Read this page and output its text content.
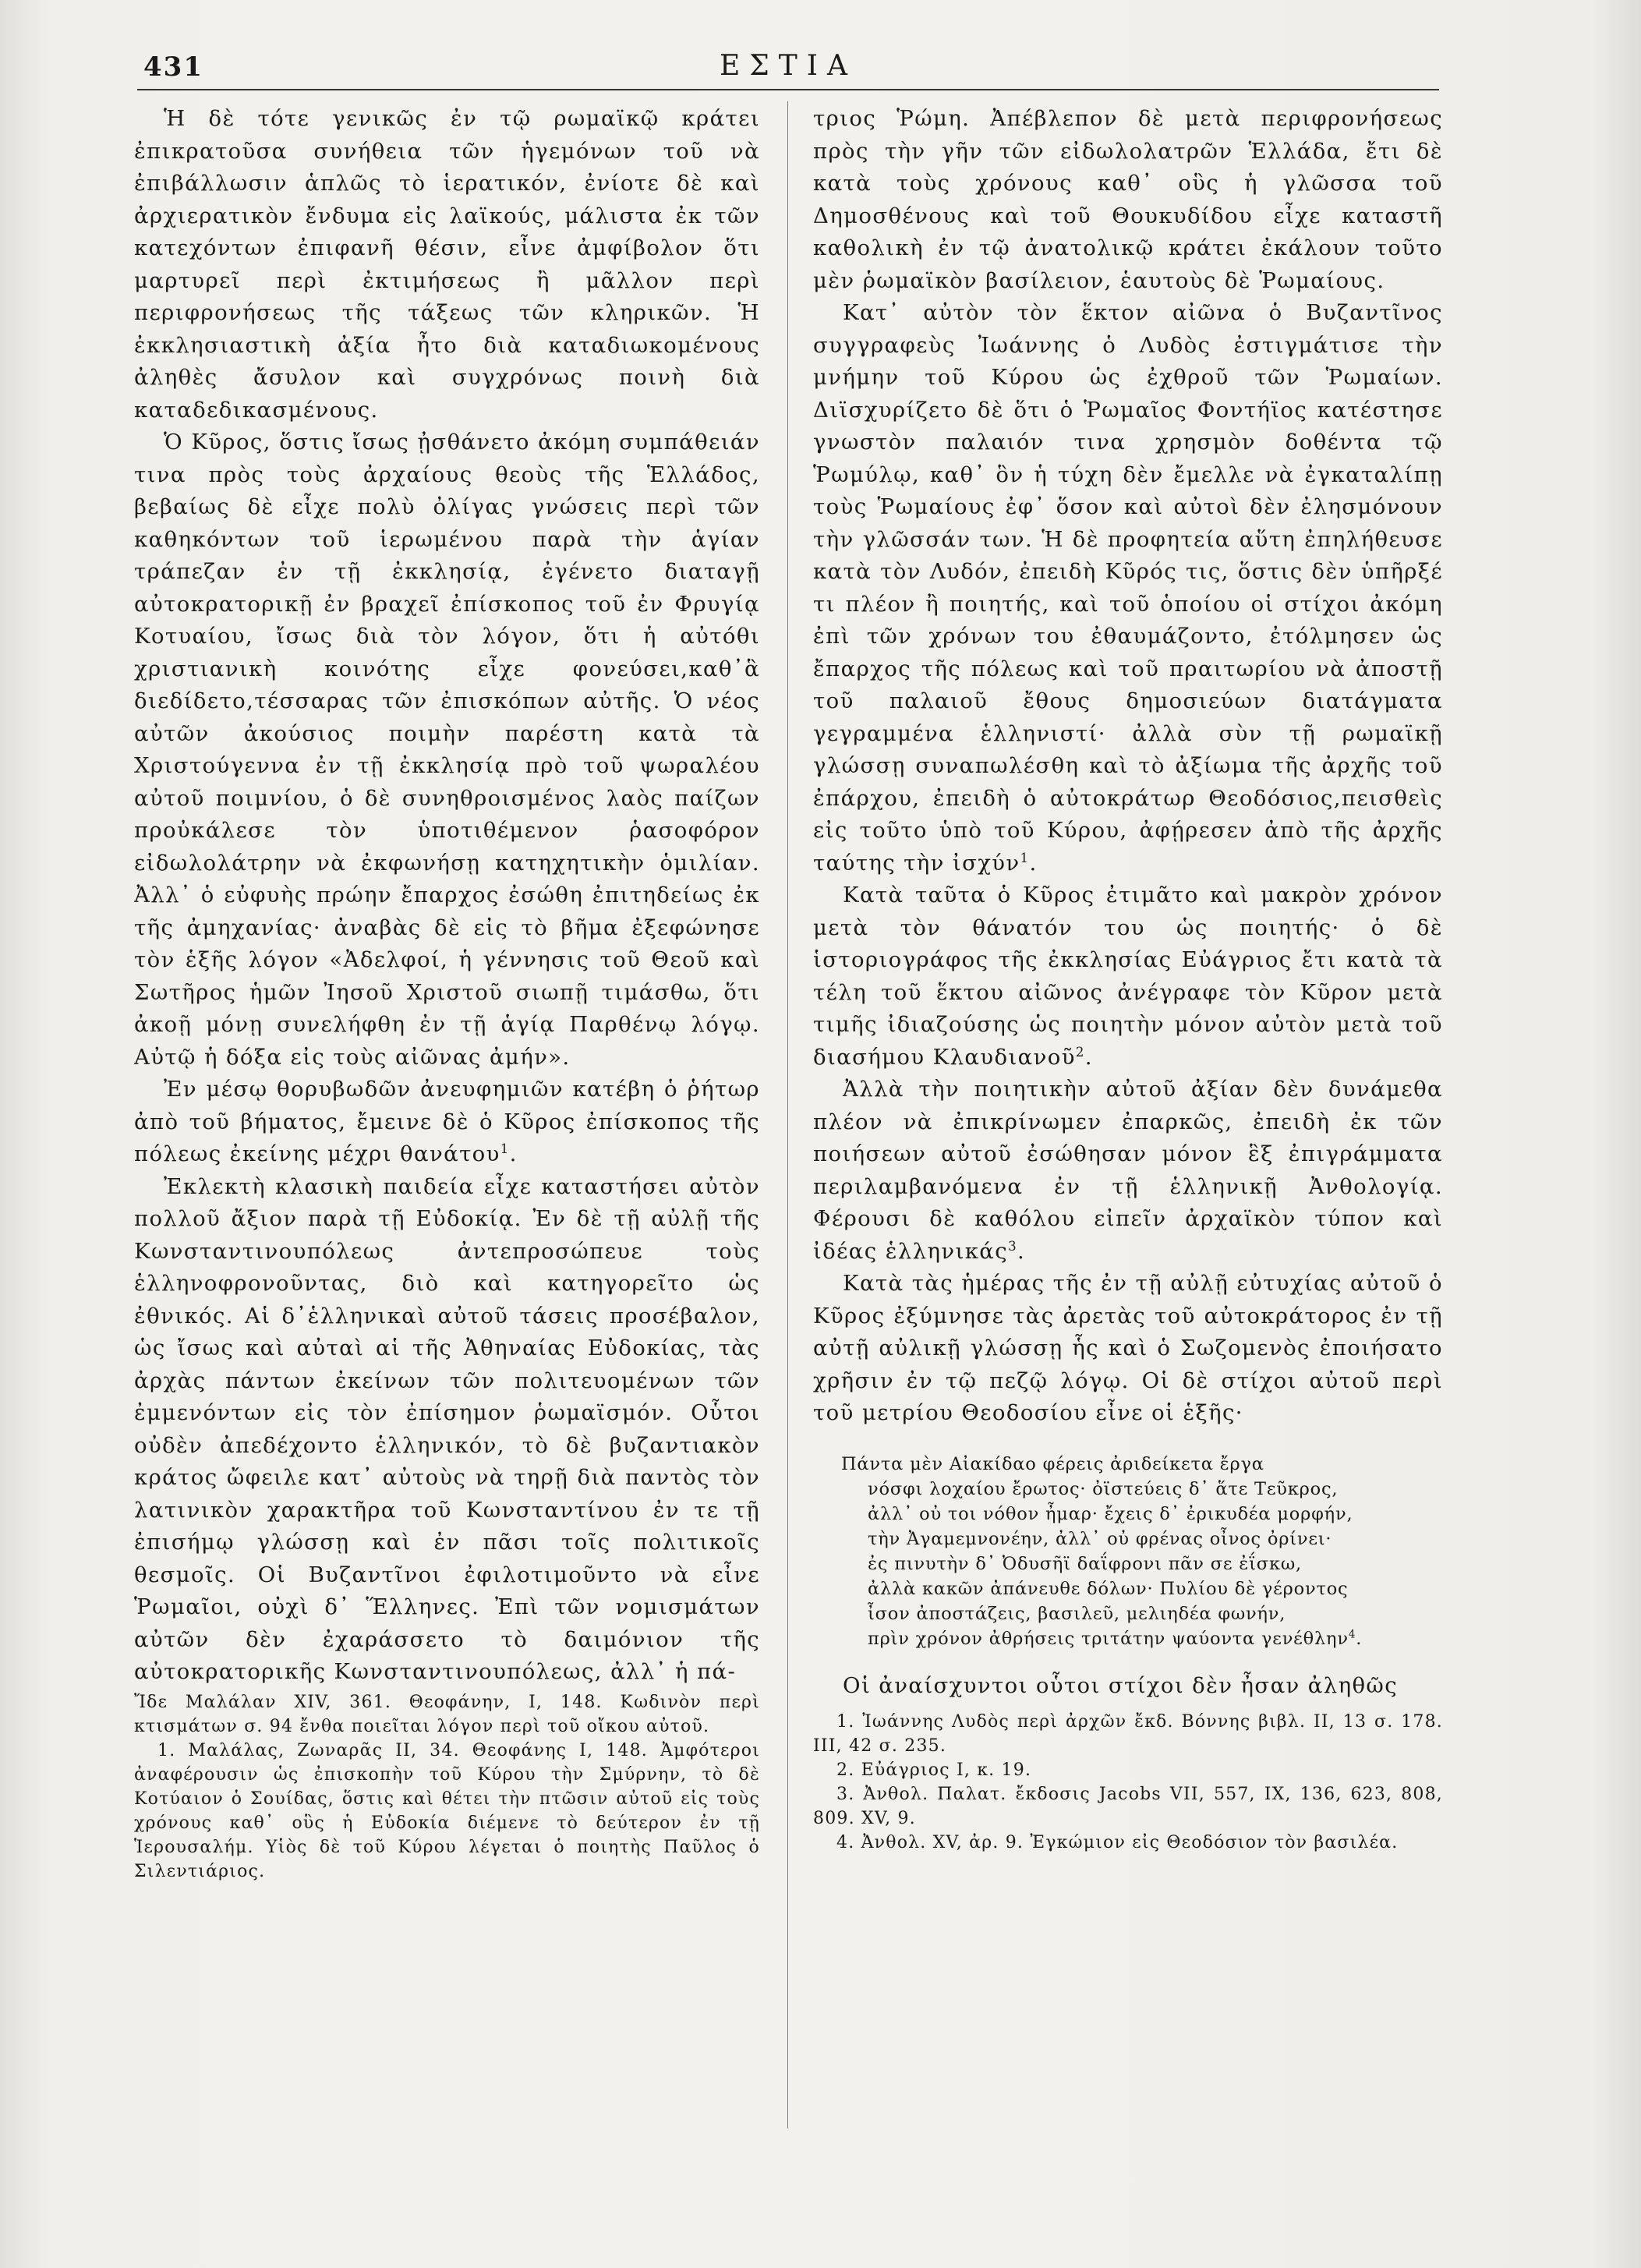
431	ΕΣΤΙΑ

Ἡ δὲ τότε γενικῶς ἐν τῷ ρωμαϊκῷ κράτει ἐπικρατοῦσα συνήθεια τῶν ἡγεμόνων τοῦ νὰ ἐπιβάλλωσιν ἁπλῶς τὸ ἱερατικόν, ἐνίοτε δὲ καὶ ἀρχιερατικὸν ἔνδυμα εἰς λαϊκούς, μάλιστα ἐκ τῶν κατεχόντων ἐπιφανῆ θέσιν, εἶνε ἀμφίβολον ὅτι μαρτυρεῖ περὶ ἐκτιμήσεως ἢ μᾶλλον περὶ περιφρονήσεως τῆς τάξεως τῶν κληρικῶν. Ἡ ἐκκλησιαστικὴ ἀξία ἦτο διὰ καταδιωκομένους ἀληθὲς ἄσυλον καὶ συγχρόνως ποινὴ διὰ καταδεδικασμένους.

Ὁ Κῦρος, ὅστις ἴσως ᾐσθάνετο ἀκόμη συμπάθειάν τινα πρὸς τοὺς ἀρχαίους θεοὺς τῆς Ἑλλάδος, βεβαίως δὲ εἶχε πολὺ ὀλίγας γνώσεις περὶ τῶν καθηκόντων τοῦ ἱερωμένου παρὰ τὴν ἁγίαν τράπεζαν ἐν τῇ ἐκκλησίᾳ, ἐγένετο διαταγῇ αὐτοκρατορικῇ ἐν βραχεῖ ἐπίσκοπος τοῦ ἐν Φρυγίᾳ Κοτυαίου, ἴσως διὰ τὸν λόγον, ὅτι ἡ αὐτόθι χριστιανικὴ κοινότης εἶχε φονεύσει,καθ᾽ἃ διεδίδετο,τέσσαρας τῶν ἐπισκόπων αὐτῆς. Ὁ νέος αὐτῶν ἀκούσιος ποιμὴν παρέστη κατὰ τὰ Χριστούγεννα ἐν τῇ ἐκκλησίᾳ πρὸ τοῦ ψωραλέου αὐτοῦ ποιμνίου, ὁ δὲ συνηθροισμένος λαὸς παίζων προὐκάλεσε τὸν ὑποτιθέμενον ῥασοφόρον εἰδωλολάτρην νὰ ἐκφωνήσῃ κατηχητικὴν ὁμιλίαν. Ἀλλ᾽ ὁ εὐφυὴς πρώην ἔπαρχος ἐσώθη ἐπιτηδείως ἐκ τῆς ἀμηχανίας· ἀναβὰς δὲ εἰς τὸ βῆμα ἐξεφώνησε τὸν ἑξῆς λόγον «Ἀδελφοί, ἡ γέννησις τοῦ Θεοῦ καὶ Σωτῆρος ἡμῶν Ἰησοῦ Χριστοῦ σιωπῇ τιμάσθω, ὅτι ἀκοῇ μόνῃ συνελήφθη ἐν τῇ ἁγίᾳ Παρθένῳ λόγῳ. Αὐτῷ ἡ δόξα εἰς τοὺς αἰῶνας ἀμήν».

Ἐν μέσῳ θορυβωδῶν ἀνευφημιῶν κατέβη ὁ ῥήτωρ ἀπὸ τοῦ βήματος, ἔμεινε δὲ ὁ Κῦρος ἐπίσκοπος τῆς πόλεως ἐκείνης μέχρι θανάτου$^1$.

Ἐκλεκτὴ κλασικὴ παιδεία εἶχε καταστήσει αὐτὸν πολλοῦ ἄξιον παρὰ τῇ Εὐδοκίᾳ. Ἐν δὲ τῇ αὐλῇ τῆς Κωνσταντινουπόλεως ἀντεπροσώπευε τοὺς ἑλληνοφρονοῦντας, διὸ καὶ κατηγορεῖτο ὡς ἐθνικός. Αἱ δ᾽ἑλληνικαὶ αὐτοῦ τάσεις προσέβαλον, ὡς ἴσως καὶ αὐταὶ αἱ τῆς Ἀθηναίας Εὐδοκίας, τὰς ἀρχὰς πάντων ἐκείνων τῶν πολιτευομένων τῶν ἐμμενόντων εἰς τὸν ἐπίσημον ῥωμαϊσμόν. Οὗτοι οὐδὲν ἀπεδέχοντο ἑλληνικόν, τὸ δὲ βυζαντιακὸν κράτος ὤφειλε κατ᾽ αὐτοὺς νὰ τηρῇ διὰ παντὸς τὸν λατινικὸν χαρακτῆρα τοῦ Κωνσταντίνου ἐν τε τῇ ἐπισήμῳ γλώσσῃ καὶ ἐν πᾶσι τοῖς πολιτικοῖς θεσμοῖς. Οἱ Βυζαντῖνοι ἐφιλοτιμοῦντο νὰ εἶνε Ῥωμαῖοι, οὐχὶ δ᾽ Ἕλληνες. Ἐπὶ τῶν νομισμάτων αὐτῶν δὲν ἐχαράσσετο τὸ δαιμόνιον τῆς αὐτοκρατορικῆς Κωνσταντινουπόλεως, ἀλλ᾽ ἡ πά-

Ἴδε Μαλάλαν XIV, 361. Θεοφάνην, I, 148. Κωδινὸν περὶ κτισμάτων σ. 94 ἔνθα ποιεῖται λόγον περὶ τοῦ οἴκου αὐτοῦ.

1. Μαλάλας, Ζωναρᾶς II, 34. Θεοφάνης I, 148. Ἀμφότεροι ἀναφέρουσιν ὡς ἐπισκοπὴν τοῦ Κύρου τὴν Σμύρνην, τὸ δὲ Κοτύαιον ὁ Σουίδας, ὅστις καὶ θέτει τὴν πτῶσιν αὐτοῦ εἰς τοὺς χρόνους καθ᾽ οὓς ἡ Εὐδοκία διέμενε τὸ δεύτερον ἐν τῇ Ἱερουσαλήμ. Υἱὸς δὲ τοῦ Κύρου λέγεται ὁ ποιητὴς Παῦλος ὁ Σιλεντιάριος.

τριος Ῥώμη. Ἀπέβλεπον δὲ μετὰ περιφρονήσεως πρὸς τὴν γῆν τῶν εἰδωλολατρῶν Ἑλλάδα, ἔτι δὲ κατὰ τοὺς χρόνους καθ᾽ οὓς ἡ γλῶσσα τοῦ Δημοσθένους καὶ τοῦ Θουκυδίδου εἶχε καταστῆ καθολικὴ ἐν τῷ ἀνατολικῷ κράτει ἐκάλουν τοῦτο μὲν ῥωμαϊκὸν βασίλειον, ἑαυτοὺς δὲ Ῥωμαίους.

Κατ᾽ αὐτὸν τὸν ἕκτον αἰῶνα ὁ Βυζαντῖνος συγγραφεὺς Ἰωάννης ὁ Λυδὸς ἐστιγμάτισε τὴν μνήμην τοῦ Κύρου ὡς ἐχθροῦ τῶν Ῥωμαίων. Διϊσχυρίζετο δὲ ὅτι ὁ Ῥωμαῖος Φοντήϊος κατέστησε γνωστὸν παλαιόν τινα χρησμὸν δοθέντα τῷ Ῥωμύλῳ, καθ᾽ ὃν ἡ τύχη δὲν ἔμελλε νὰ ἐγκαταλίπῃ τοὺς Ῥωμαίους ἐφ᾽ ὅσον καὶ αὐτοὶ δὲν ἐλησμόνουν τὴν γλῶσσάν των. Ἡ δὲ προφητεία αὕτη ἐπηλήθευσε κατὰ τὸν Λυδόν, ἐπειδὴ Κῦρός τις, ὅστις δὲν ὑπῆρξέ τι πλέον ἢ ποιητής, καὶ τοῦ ὁποίου οἱ στίχοι ἀκόμη ἐπὶ τῶν χρόνων του ἐθαυμάζοντο, ἐτόλμησεν ὡς ἔπαρχος τῆς πόλεως καὶ τοῦ πραιτωρίου νὰ ἀποστῇ τοῦ παλαιοῦ ἔθους δημοσιεύων διατάγματα γεγραμμένα ἑλληνιστί· ἀλλὰ σὺν τῇ ρωμαϊκῇ γλώσσῃ συναπωλέσθη καὶ τὸ ἀξίωμα τῆς ἀρχῆς τοῦ ἐπάρχου, ἐπειδὴ ὁ αὐτοκράτωρ Θεοδόσιος,πεισθεὶς εἰς τοῦτο ὑπὸ τοῦ Κύρου, ἀφῄρεσεν ἀπὸ τῆς ἀρχῆς ταύτης τὴν ἰσχύν$^1$.

Κατὰ ταῦτα ὁ Κῦρος ἐτιμᾶτο καὶ μακρὸν χρόνον μετὰ τὸν θάνατόν του ὡς ποιητής· ὁ δὲ ἱστοριογράφος τῆς ἐκκλησίας Εὐάγριος ἔτι κατὰ τὰ τέλη τοῦ ἕκτου αἰῶνος ἀνέγραφε τὸν Κῦρον μετὰ τιμῆς ἰδιαζούσης ὡς ποιητὴν μόνον αὐτὸν μετὰ τοῦ διασήμου Κλαυδιανοῦ$^2$.

Ἀλλὰ τὴν ποιητικὴν αὐτοῦ ἀξίαν δὲν δυνάμεθα πλέον νὰ ἐπικρίνωμεν ἐπαρκῶς, ἐπειδὴ ἐκ τῶν ποιήσεων αὐτοῦ ἐσώθησαν μόνον ἓξ ἐπιγράμματα περιλαμβανόμενα ἐν τῇ ἑλληνικῇ Ἀνθολογίᾳ. Φέρουσι δὲ καθόλου εἰπεῖν ἀρχαϊκὸν τύπον καὶ ἰδέας ἑλληνικάς$^3$.

Κατὰ τὰς ἡμέρας τῆς ἐν τῇ αὐλῇ εὐτυχίας αὐτοῦ ὁ Κῦρος ἐξύμνησε τὰς ἀρετὰς τοῦ αὐτοκράτορος ἐν τῇ αὐτῇ αὐλικῇ γλώσσῃ ἧς καὶ ὁ Σωζομενὸς ἐποιήσατο χρῆσιν ἐν τῷ πεζῷ λόγῳ. Οἱ δὲ στίχοι αὐτοῦ περὶ τοῦ μετρίου Θεοδοσίου εἶνε οἱ ἑξῆς·

Πάντα μὲν Αἰακίδαο φέρεις ἀριδείκετα ἔργα
νόσφι λοχαίου ἔρωτος· ὀϊστεύεις δ᾽ ἅτε Τεῦκρος,
ἀλλ᾽ οὐ τοι νόθον ἦμαρ· ἔχεις δ᾽ ἐρικυδέα μορφήν,
τὴν Ἀγαμεμνονέην, ἀλλ᾽ οὐ φρένας οἶνος ὀρίνει·
ἐς πινυτὴν δ᾽ Ὀδυσῆϊ δαΐφρονι πᾶν σε ἐΐσκω,
ἀλλὰ κακῶν ἀπάνευθε δόλων· Πυλίου δὲ γέροντος
ἶσον ἀποστάζεις, βασιλεῦ, μελιηδέα φωνήν,
πρὶν χρόνον ἀθρήσεις τριτάτην ψαύοντα γενέθλην$^4$.

Οἱ ἀναίσχυντοι οὗτοι στίχοι δὲν ἦσαν ἀληθῶς

1. Ἰωάννης Λυδὸς περὶ ἀρχῶν ἔκδ. Βόννης βιβλ. II, 13 σ. 178. III, 42 σ. 235.

2. Εὐάγριος I, κ. 19.

3. Ἀνθολ. Παλατ. ἔκδοσις Jacobs VII, 557, IX, 136, 623, 808, 809. XV, 9.

4. Ἀνθολ. XV, ἀρ. 9. Ἐγκώμιον εἰς Θεοδόσιον τὸν βασιλέα.
